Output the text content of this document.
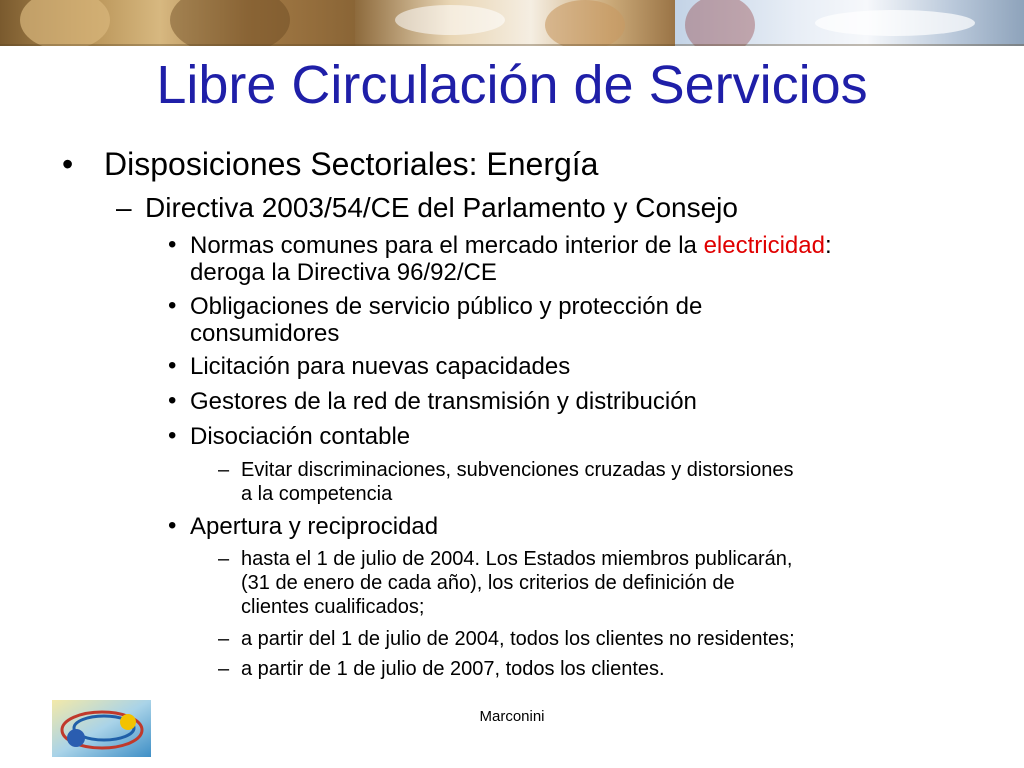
Libre Circulación de Servicios
• Disposiciones Sectoriales: Energía
– Directiva 2003/54/CE del Parlamento y Consejo
• Normas comunes para el mercado interior de la electricidad:
deroga la Directiva 96/92/CE
• Obligaciones de servicio público y protección de
consumidores
• Licitación para nuevas capacidades
• Gestores de la red de transmisión y distribución
• Disociación contable
– Evitar discriminaciones, subvenciones cruzadas y distorsiones
a la competencia
• Apertura y reciprocidad
– hasta el 1 de julio de 2004. Los Estados miembros publicarán,
(31 de enero de cada año), los criterios de definición de
clientes cualificados;
– a partir del 1 de julio de 2004, todos los clientes no residentes;
– a partir de 1 de julio de 2007, todos los clientes.
Marconini
